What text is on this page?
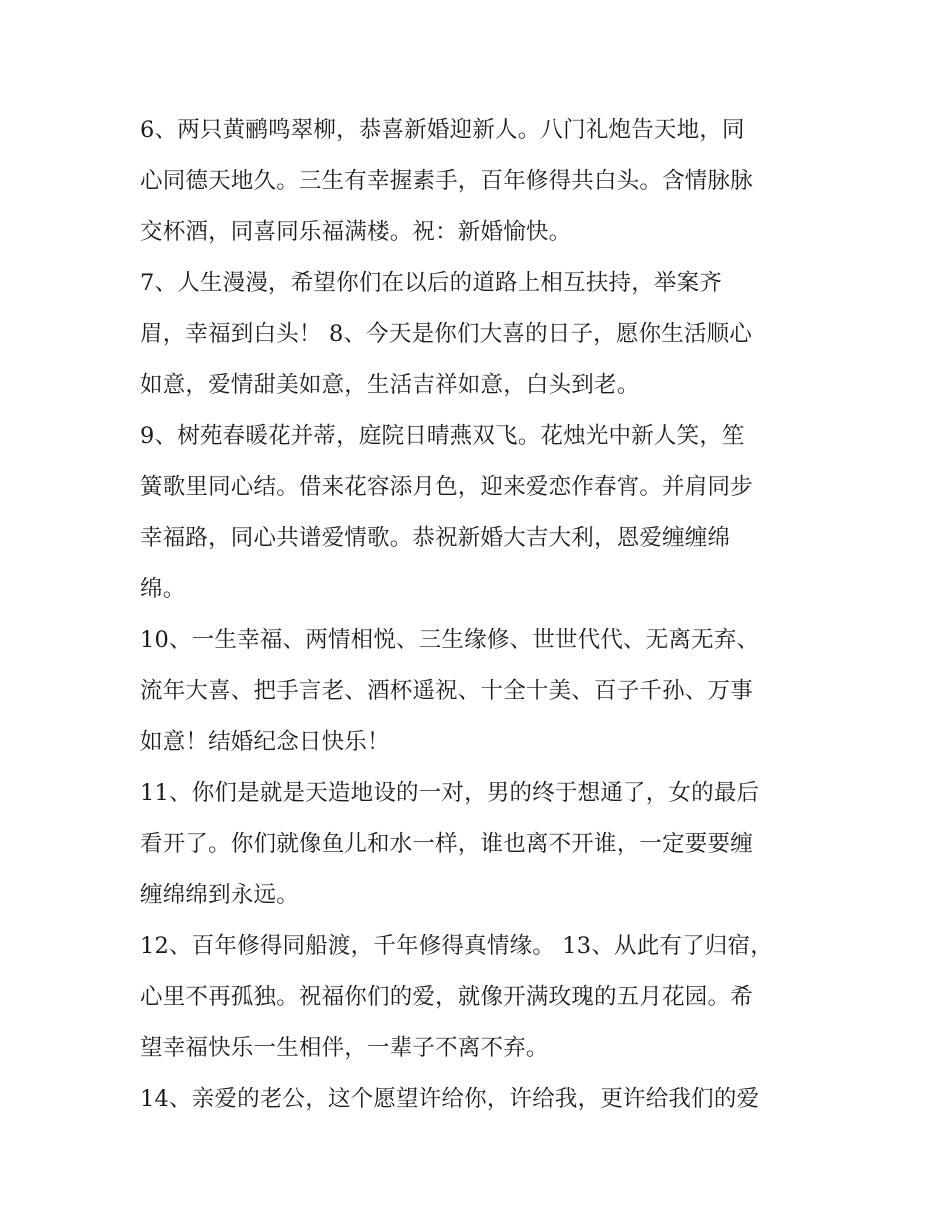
6、两只黄鹂鸣翠柳，恭喜新婚迎新人。八门礼炮告天地，同
心同德天地久。三生有幸握素手，百年修得共白头。含情脉脉
交杯酒，同喜同乐福满楼。祝：新婚愉快。
7、人生漫漫，希望你们在以后的道路上相互扶持，举案齐
眉，幸福到白头！ 8、今天是你们大喜的日子，愿你生活顺心
如意，爱情甜美如意，生活吉祥如意，白头到老。
9、树苑春暖花并蒂，庭院日晴燕双飞。花烛光中新人笑，笙
簧歌里同心结。借来花容添月色，迎来爱恋作春宵。并肩同步
幸福路，同心共谱爱情歌。恭祝新婚大吉大利，恩爱缠缠绵
绵。
10、一生幸福、两情相悦、三生缘修、世世代代、无离无弃、
流年大喜、把手言老、酒杯遥祝、十全十美、百子千孙、万事
如意！结婚纪念日快乐！
11、你们是就是天造地设的一对，男的终于想通了，女的最后
看开了。你们就像鱼儿和水一样，谁也离不开谁，一定要要缠
缠绵绵到永远。
12、百年修得同船渡，千年修得真情缘。 13、从此有了归宿，
心里不再孤独。祝福你们的爱，就像开满玫瑰的五月花园。希
望幸福快乐一生相伴，一辈子不离不弃。
14、亲爱的老公，这个愿望许给你，许给我，更许给我们的爱
